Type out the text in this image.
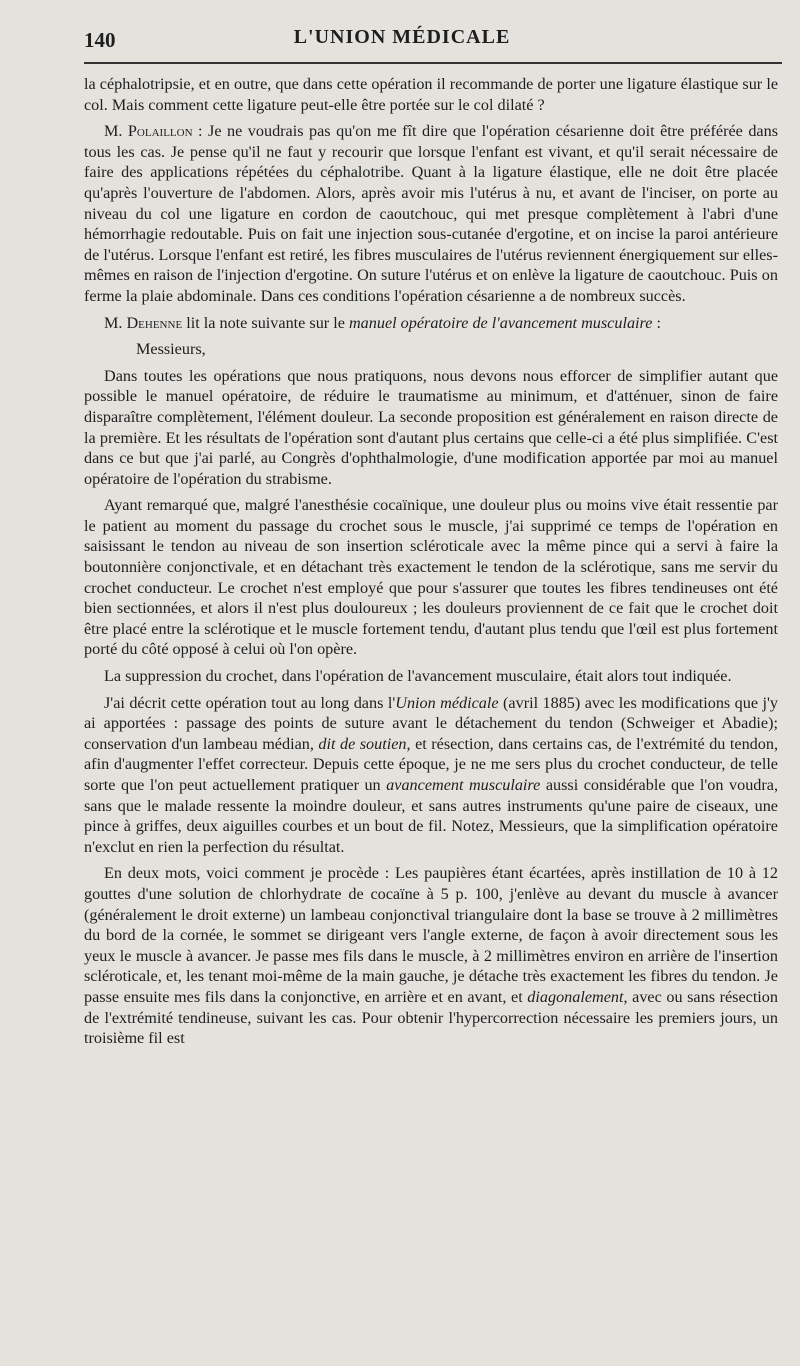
140	L'UNION MÉDICALE

la céphalotripsie, et en outre, que dans cette opération il recommande de porter une ligature élastique sur le col. Mais comment cette ligature peut-elle être portée sur le col dilaté ?

M. Polaillon : Je ne voudrais pas qu'on me fît dire que l'opération césarienne doit être préférée dans tous les cas. Je pense qu'il ne faut y recourir que lorsque l'enfant est vivant, et qu'il serait nécessaire de faire des applications répétées du céphalotribe. Quant à la ligature élastique, elle ne doit être placée qu'après l'ouverture de l'abdomen. Alors, après avoir mis l'utérus à nu, et avant de l'inciser, on porte au niveau du col une ligature en cordon de caoutchouc, qui met presque complètement à l'abri d'une hémorrhagie redoutable. Puis on fait une injection sous-cutanée d'ergotine, et on incise la paroi antérieure de l'utérus. Lorsque l'enfant est retiré, les fibres musculaires de l'utérus reviennent énergiquement sur elles-mêmes en raison de l'injection d'ergotine. On suture l'utérus et on enlève la ligature de caoutchouc. Puis on ferme la plaie abdominale. Dans ces conditions l'opération césarienne a de nombreux succès.

M. Dehenne lit la note suivante sur le manuel opératoire de l'avancement musculaire :

Messieurs,

Dans toutes les opérations que nous pratiquons, nous devons nous efforcer de simplifier autant que possible le manuel opératoire, de réduire le traumatisme au minimum, et d'atténuer, sinon de faire disparaître complètement, l'élément douleur. La seconde proposition est généralement en raison directe de la première. Et les résultats de l'opération sont d'autant plus certains que celle-ci a été plus simplifiée. C'est dans ce but que j'ai parlé, au Congrès d'ophthalmologie, d'une modification apportée par moi au manuel opératoire de l'opération du strabisme.

Ayant remarqué que, malgré l'anesthésie cocaïnique, une douleur plus ou moins vive était ressentie par le patient au moment du passage du crochet sous le muscle, j'ai supprimé ce temps de l'opération en saisissant le tendon au niveau de son insertion scléroticale avec la même pince qui a servi à faire la boutonnière conjonctivale, et en détachant très exactement le tendon de la sclérotique, sans me servir du crochet conducteur. Le crochet n'est employé que pour s'assurer que toutes les fibres tendineuses ont été bien sectionnées, et alors il n'est plus douloureux ; les douleurs proviennent de ce fait que le crochet doit être placé entre la sclérotique et le muscle fortement tendu, d'autant plus tendu que l'œil est plus fortement porté du côté opposé à celui où l'on opère.

La suppression du crochet, dans l'opération de l'avancement musculaire, était alors tout indiquée.

J'ai décrit cette opération tout au long dans l'Union médicale (avril 1885) avec les modifications que j'y ai apportées : passage des points de suture avant le détachement du tendon (Schweiger et Abadie); conservation d'un lambeau médian, dit de soutien, et résection, dans certains cas, de l'extrémité du tendon, afin d'augmenter l'effet correcteur. Depuis cette époque, je ne me sers plus du crochet conducteur, de telle sorte que l'on peut actuellement pratiquer un avancement musculaire aussi considérable que l'on voudra, sans que le malade ressente la moindre douleur, et sans autres instruments qu'une paire de ciseaux, une pince à griffes, deux aiguilles courbes et un bout de fil. Notez, Messieurs, que la simplification opératoire n'exclut en rien la perfection du résultat.

En deux mots, voici comment je procède : Les paupières étant écartées, après instillation de 10 à 12 gouttes d'une solution de chlorhydrate de cocaïne à 5 p. 100, j'enlève au devant du muscle à avancer (généralement le droit externe) un lambeau conjonctival triangulaire dont la base se trouve à 2 millimètres du bord de la cornée, le sommet se dirigeant vers l'angle externe, de façon à avoir directement sous les yeux le muscle à avancer. Je passe mes fils dans le muscle, à 2 millimètres environ en arrière de l'insertion scléroticale, et, les tenant moi-même de la main gauche, je détache très exactement les fibres du tendon. Je passe ensuite mes fils dans la conjonctive, en arrière et en avant, et diagonalement, avec ou sans résection de l'extrémité tendineuse, suivant les cas. Pour obtenir l'hypercorrection nécessaire les premiers jours, un troisième fil est
